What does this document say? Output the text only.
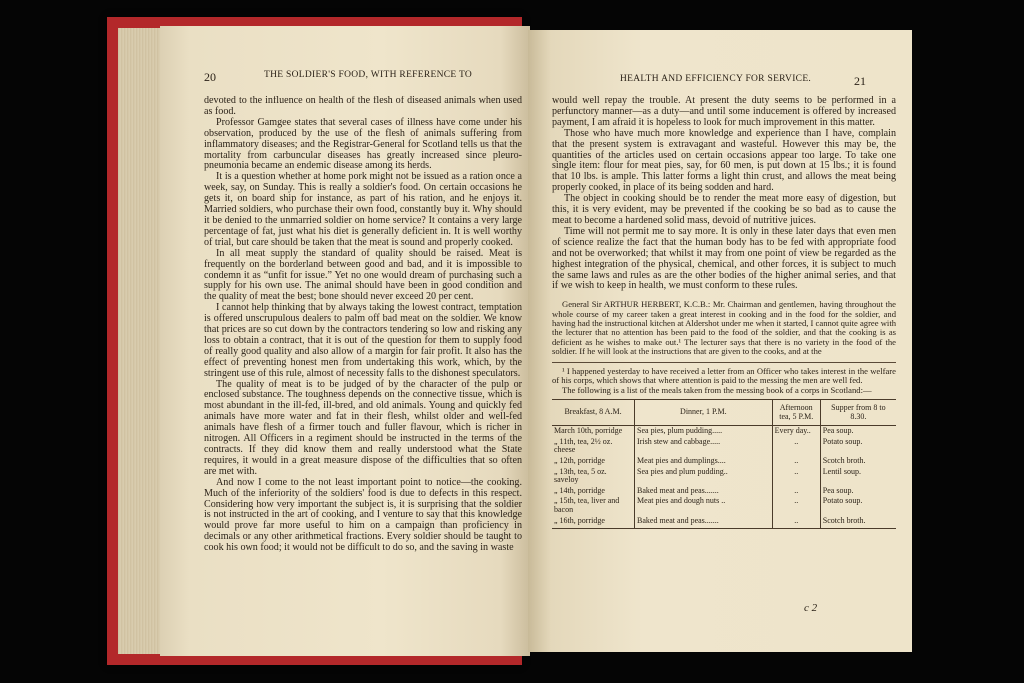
20	THE SOLDIER'S FOOD, WITH REFERENCE TO

devoted to the influence on health of the flesh of diseased animals when used as food.

Professor Gamgee states that several cases of illness have come under his observation, produced by the use of the flesh of animals suffering from inflammatory diseases; and the Registrar-General for Scotland tells us that the mortality from carbuncular diseases has greatly increased since pleuro-pneumonia became an endemic disease among its herds.

It is a question whether at home pork might not be issued as a ration once a week, say, on Sunday. This is really a soldier's food. On certain occasions he gets it, on board ship for instance, as part of his ration, and he enjoys it. Married soldiers, who purchase their own food, constantly buy it. Why should it be denied to the unmarried soldier on home service? It contains a very large percentage of fat, just what his diet is generally deficient in. It is well worthy of trial, but care should be taken that the meat is sound and properly cooked.

In all meat supply the standard of quality should be raised. Meat is frequently on the borderland between good and bad, and it is impossible to condemn it as “unfit for issue.” Yet no one would dream of purchasing such a supply for his own use. The animal should have been in good condition and the quality of meat the best; bone should never exceed 20 per cent.

I cannot help thinking that by always taking the lowest contract, temptation is offered unscrupulous dealers to palm off bad meat on the soldier. We know that prices are so cut down by the contractors tendering so low and risking any loss to obtain a contract, that it is out of the question for them to supply food of really good quality and also allow of a margin for fair profit. It also has the effect of preventing honest men from undertaking this work, which, by the stringent use of this rule, almost of necessity falls to the dishonest speculators.

The quality of meat is to be judged of by the character of the pulp or enclosed substance. The toughness depends on the connective tissue, which is most abundant in the ill-fed, ill-bred, and old animals. Young and quickly fed animals have more water and fat in their flesh, whilst older and well-fed animals have flesh of a firmer touch and fuller flavour, which is richer in nitrogen. All Officers in a regiment should be instructed in the terms of the contracts. If they did know them and really understood what the State requires, it would in a great measure dispose of the difficulties that so often are met with.

And now I come to the not least important point to notice—the cooking. Much of the inferiority of the soldiers' food is due to defects in this respect. Considering how very important the subject is, it is surprising that the soldier is not instructed in the art of cooking, and I venture to say that this knowledge would prove far more useful to him on a campaign than proficiency in decimals or any other arithmetical fractions. Every soldier should be taught to cook his own food; it would not be difficult to do so, and the saving in waste

HEALTH AND EFFICIENCY FOR SERVICE.	21

would well repay the trouble. At present the duty seems to be performed in a perfunctory manner—as a duty—and until some inducement is offered by increased payment, I am afraid it is hopeless to look for much improvement in this matter.

Those who have much more knowledge and experience than I have, complain that the present system is extravagant and wasteful. However this may be, the quantities of the articles used on certain occasions appear too large. To take one single item: flour for meat pies, say, for 60 men, is put down at 15 lbs.; it is found that 10 lbs. is ample. This latter forms a light thin crust, and allows the meat being properly cooked, in place of its being sodden and hard.

The object in cooking should be to render the meat more easy of digestion, but this, it is very evident, may be prevented if the cooking be so bad as to cause the meat to become a hardened solid mass, devoid of nutritive juices.

Time will not permit me to say more. It is only in these later days that even men of science realize the fact that the human body has to be fed with appropriate food and not be overworked; that whilst it may from one point of view be regarded as the highest integration of the physical, chemical, and other forces, it is subject to much the same laws and rules as are the other bodies of the higher animal series, and that if we wish to keep in health, we must conform to these rules.

General Sir ARTHUR HERBERT, K.C.B.: Mr. Chairman and gentlemen, having throughout the whole course of my career taken a great interest in cooking and in the food for the soldier, and having had the instructional kitchen at Aldershot under me when it started, I cannot quite agree with the lecturer that no attention has been paid to the food of the soldier, and that the cooking is as deficient as he wishes to make out.¹ The lecturer says that there is no variety in the food of the soldier. If he will look at the instructions that are given to the cooks, and at the

¹ I happened yesterday to have received a letter from an Officer who takes interest in the welfare of his corps, which shows that where attention is paid to the messing the men are well fed.

The following is a list of the meals taken from the messing book of a corps in Scotland:—

Breakfast, 8 A.M.	Dinner, 1 P.M.	Afternoon tea, 5 P.M.	Supper from 8 to 8.30.
March 10th, porridge	Sea pies, plum pudding.....	Every day..	Pea soup.
„ 11th, tea, 2½ oz. cheese	Irish stew and cabbage.....	..	Potato soup.
„ 12th, porridge	Meat pies and dumplings....	..	Scotch broth.
„ 13th, tea, 5 oz. saveloy	Sea pies and plum pudding..	..	Lentil soup.
„ 14th, porridge	Baked meat and peas.......	..	Pea soup.
„ 15th, tea, liver and bacon	Meat pies and dough nuts ..	..	Potato soup.
„ 16th, porridge	Baked meat and peas.......	..	Scotch broth.
c 2
